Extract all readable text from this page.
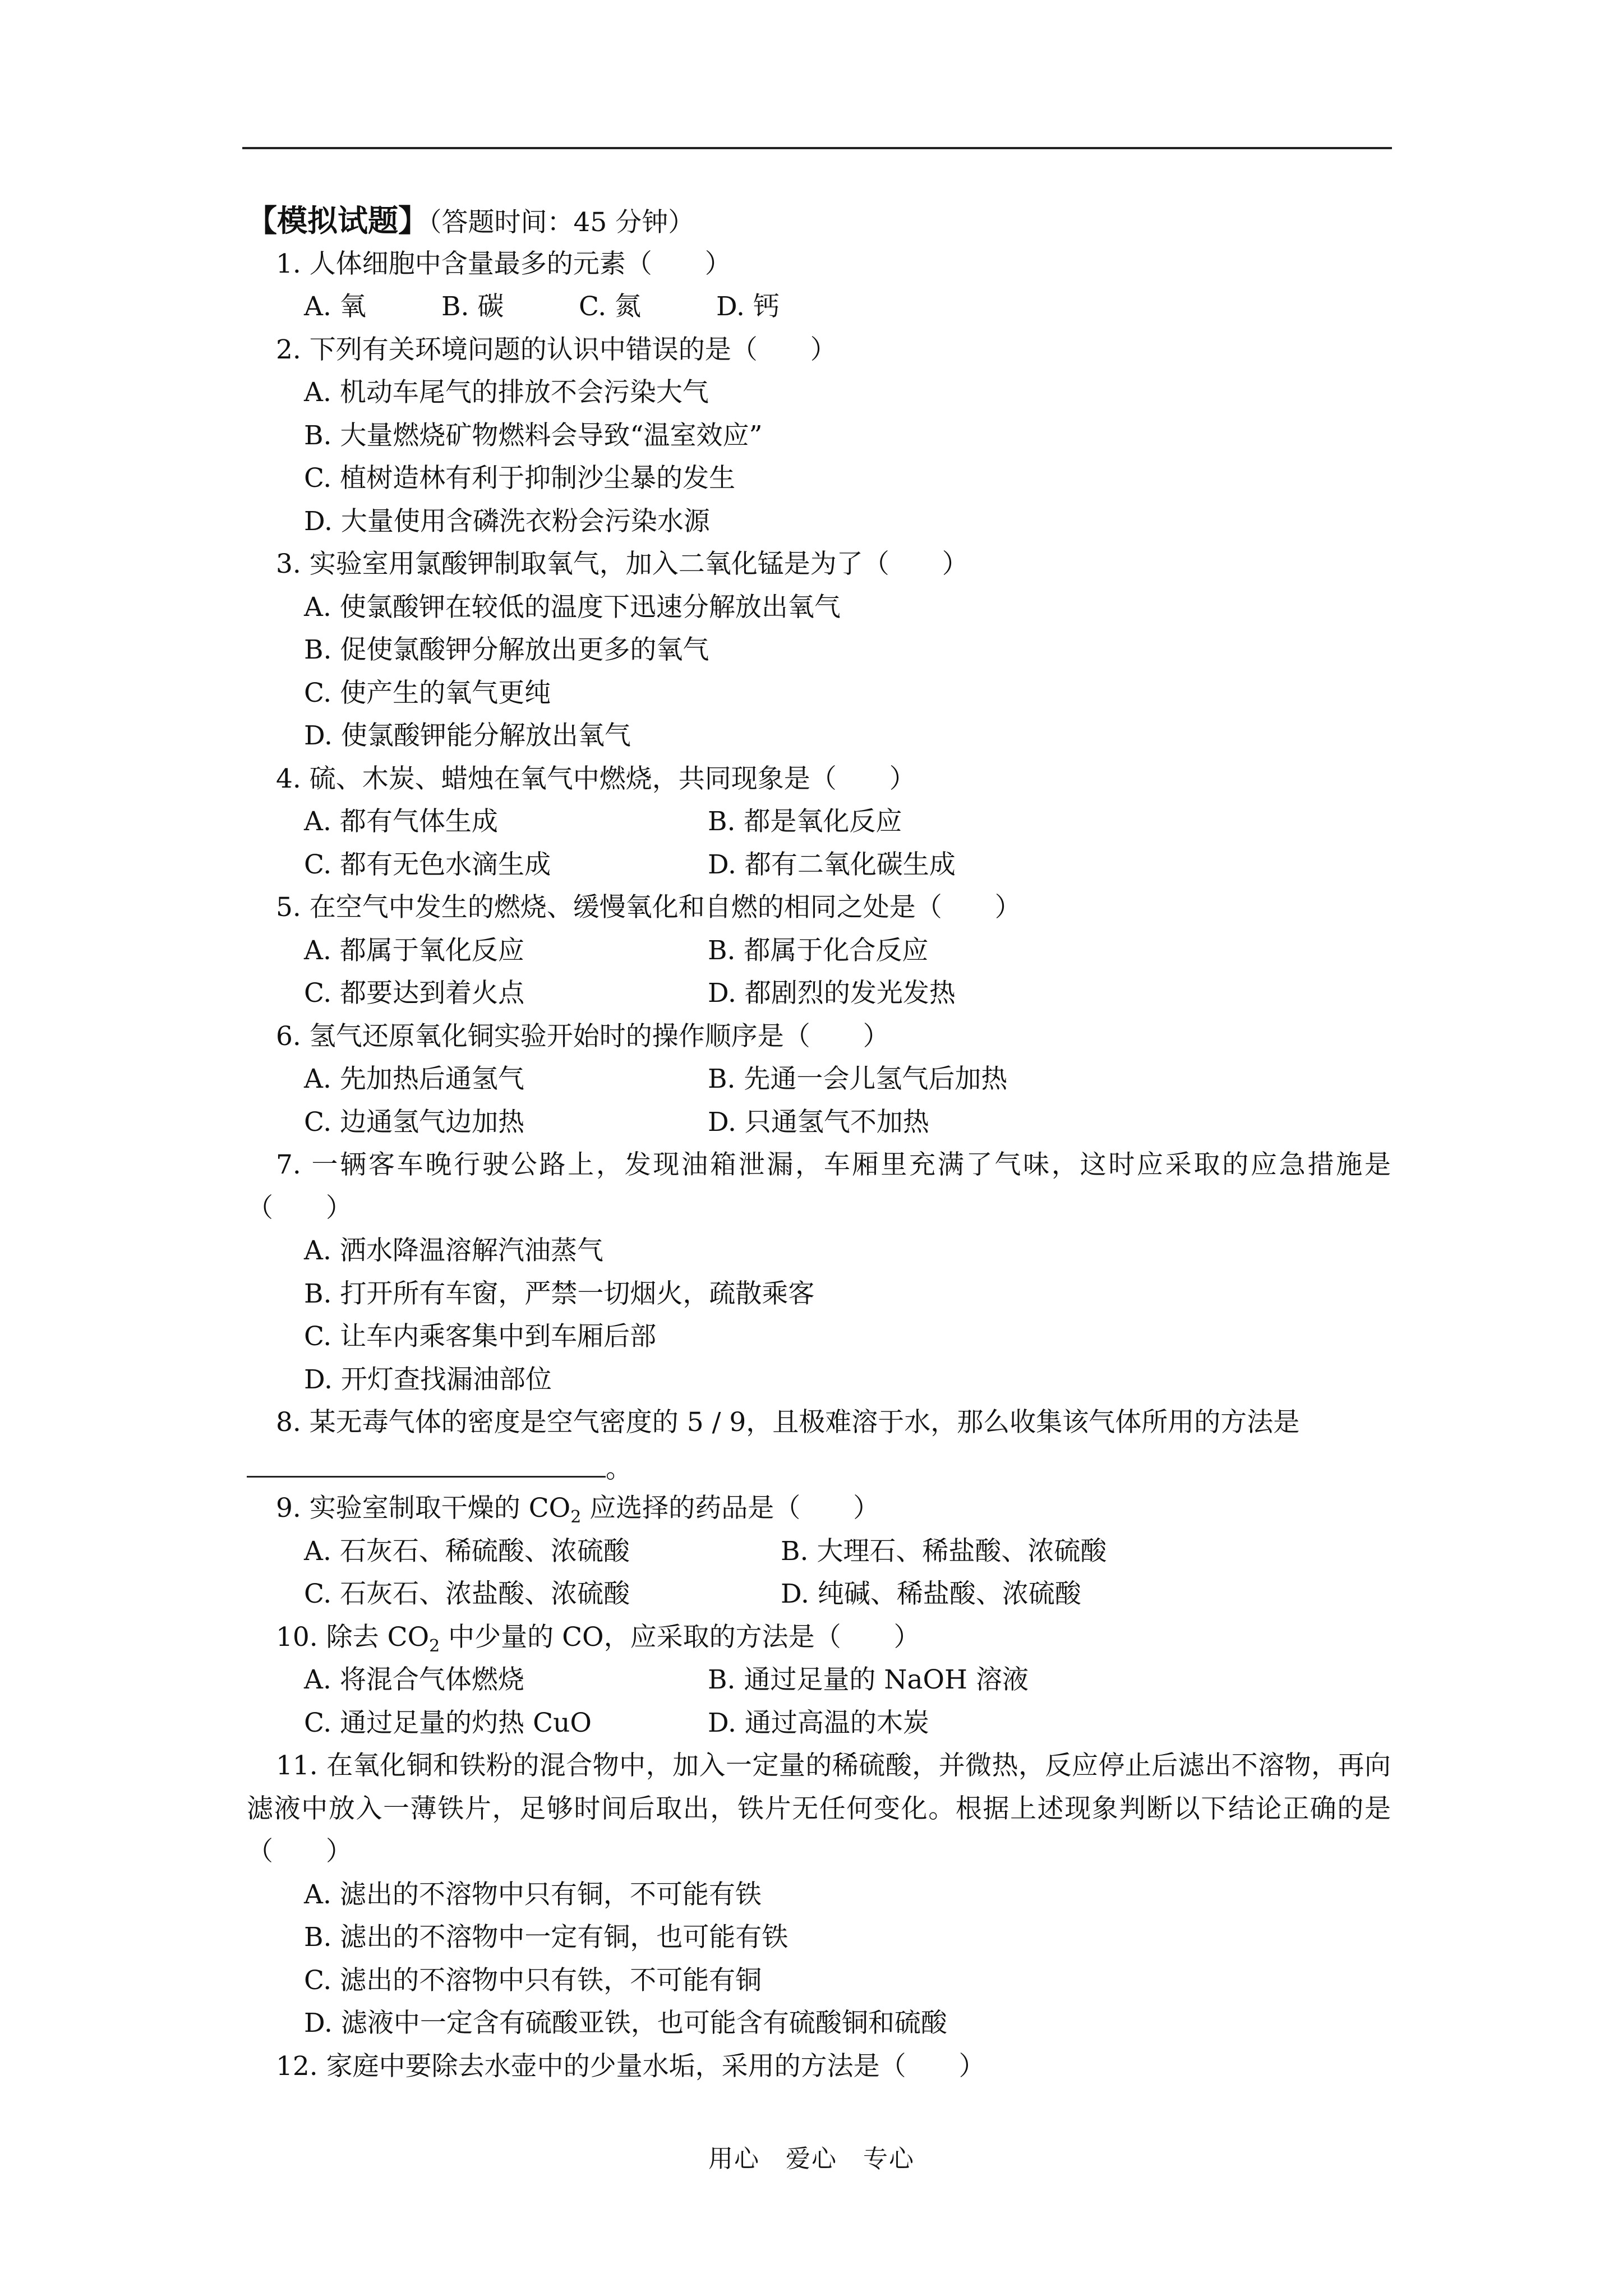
【模拟试题】（答题时间：45 分钟）
1. 人体细胞中含量最多的元素（　　）
A. 氧	B. 碳	C. 氮	D. 钙
2. 下列有关环境问题的认识中错误的是（　　）
A. 机动车尾气的排放不会污染大气
B. 大量燃烧矿物燃料会导致“温室效应”
C. 植树造林有利于抑制沙尘暴的发生
D. 大量使用含磷洗衣粉会污染水源
3. 实验室用氯酸钾制取氧气，加入二氧化锰是为了（　　）
A. 使氯酸钾在较低的温度下迅速分解放出氧气
B. 促使氯酸钾分解放出更多的氧气
C. 使产生的氧气更纯
D. 使氯酸钾能分解放出氧气
4. 硫、木炭、蜡烛在氧气中燃烧，共同现象是（　　）
A. 都有气体生成	B. 都是氧化反应
C. 都有无色水滴生成	D. 都有二氧化碳生成
5. 在空气中发生的燃烧、缓慢氧化和自燃的相同之处是（　　）
A. 都属于氧化反应	B. 都属于化合反应
C. 都要达到着火点	D. 都剧烈的发光发热
6. 氢气还原氧化铜实验开始时的操作顺序是（　　）
A. 先加热后通氢气	B. 先通一会儿氢气后加热
C. 边通氢气边加热	D. 只通氢气不加热
7. 一辆客车晚行驶公路上，发现油箱泄漏，车厢里充满了气味，这时应采取的应急措施是（　　）
A. 洒水降温溶解汽油蒸气
B. 打开所有车窗，严禁一切烟火，疏散乘客
C. 让车内乘客集中到车厢后部
D. 开灯查找漏油部位
8. 某无毒气体的密度是空气密度的 5 / 9，且极难溶于水，那么收集该气体所用的方法是
。
9. 实验室制取干燥的 $CO_2$ 应选择的药品是（　　）
A. 石灰石、稀硫酸、浓硫酸	B. 大理石、稀盐酸、浓硫酸
C. 石灰石、浓盐酸、浓硫酸	D. 纯碱、稀盐酸、浓硫酸
10. 除去 $CO_2$ 中少量的 CO，应采取的方法是（　　）
A. 将混合气体燃烧	B. 通过足量的 NaOH 溶液
C. 通过足量的灼热 CuO	D. 通过高温的木炭
11. 在氧化铜和铁粉的混合物中，加入一定量的稀硫酸，并微热，反应停止后滤出不溶物，再向滤液中放入一薄铁片，足够时间后取出，铁片无任何变化。根据上述现象判断以下结论正确的是（　　）
A. 滤出的不溶物中只有铜，不可能有铁
B. 滤出的不溶物中一定有铜，也可能有铁
C. 滤出的不溶物中只有铁，不可能有铜
D. 滤液中一定含有硫酸亚铁，也可能含有硫酸铜和硫酸
12. 家庭中要除去水壶中的少量水垢，采用的方法是（　　）
用心　爱心　专心
